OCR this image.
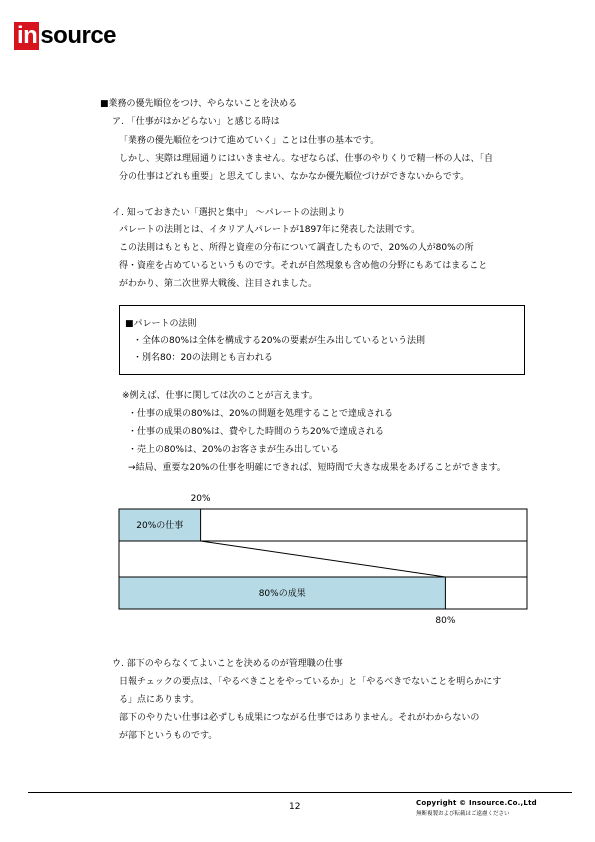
in source
■業務の優先順位をつけ、やらないことを決める
ア. 「仕事がはかどらない」と感じる時は
「業務の優先順位をつけて進めていく」ことは仕事の基本です。
しかし、実際は理屈通りにはいきません。なぜならば、仕事のやりくりで精一杯の人は、「自
分の仕事はどれも重要」と思えてしまい、なかなか優先順位づけができないからです。
イ. 知っておきたい「選択と集中」 ～パレートの法則より
パレートの法則とは、イタリア人パレートが1897年に発表した法則です。
この法則はもともと、所得と資産の分布について調査したもので、20%の人が80%の所
得・資産を占めているというものです。それが自然現象も含め他の分野にもあてはまること
がわかり、第二次世界大戦後、注目されました。
■パレートの法則
・全体の80%は全体を構成する20%の要素が生み出しているという法則
・別名80：20の法則とも言われる
※例えば、仕事に関しては次のことが言えます。
・仕事の成果の80%は、20%の問題を処理することで達成される
・仕事の成果の80%は、費やした時間のうち20%で達成される
・売上の80%は、20%のお客さまが生み出している
→結局、重要な20%の仕事を明確にできれば、短時間で大きな成果をあげることができます。
20%の仕事
20%
80%の成果
80%
ウ. 部下のやらなくてよいことを決めるのが管理職の仕事
日報チェックの要点は、「やるべきことをやっているか」と「やるべきでないことを明らかにす
る」点にあります。
部下のやりたい仕事は必ずしも成果につながる仕事ではありません。それがわからないの
が部下というものです。
12	Copyright © Insource.Co.,Ltd
無断複製および転載はご遠慮ください
